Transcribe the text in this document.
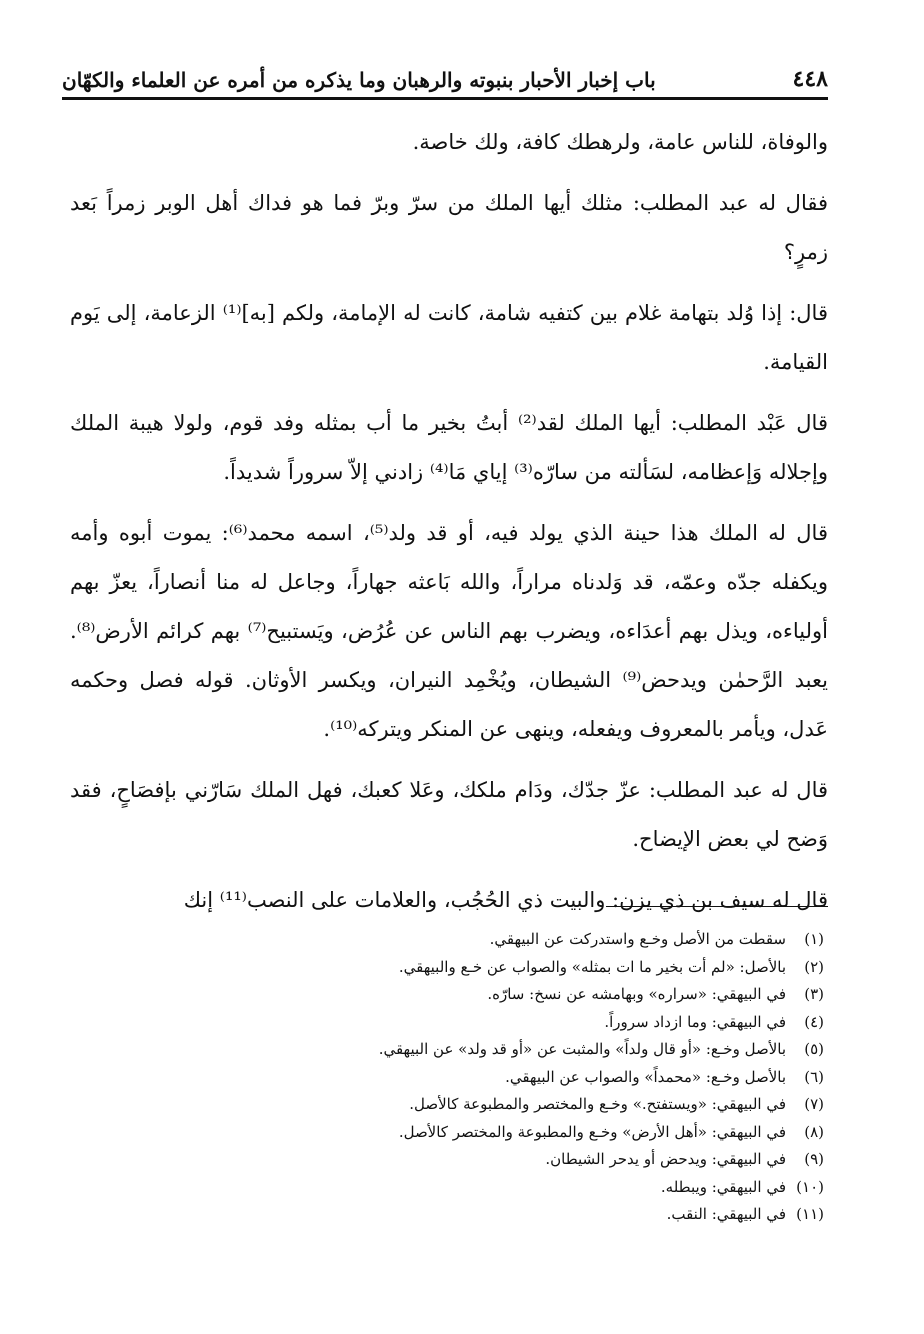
٤٤٨
باب إخبار الأحبار بنبوته والرهبان وما يذكره من أمره عن العلماء والكهّان

والوفاة، للناس عامة، ولرهطك كافة، ولك خاصة.

فقال له عبد المطلب: مثلك أيها الملك من سرّ وبرّ فما هو فداك أهل الوبر زمراً بَعد زمرٍ؟

قال: إذا وُلد بتهامة غلام بين كتفيه شامة، كانت له الإمامة، ولكم [به]⁽¹⁾ الزعامة، إلى يَوم القيامة.

قال عَبْد المطلب: أيها الملك لقد⁽²⁾ أبتُ بخير ما أب بمثله وفد قوم، ولولا هيبة الملك وإجلاله وَإعظامه، لسَألته من سارّه⁽³⁾ إياي مَا⁽⁴⁾ زادني إلاّ سروراً شديداً.

قال له الملك هذا حينة الذي يولد فيه، أو قد ولد⁽⁵⁾، اسمه محمد⁽⁶⁾: يموت أبوه وأمه ويكفله جدّه وعمّه، قد وَلدناه مراراً، والله بَاعثه جهاراً، وجاعل له منا أنصاراً، يعزّ بهم أولياءه، ويذل بهم أعدَاءه، ويضرب بهم الناس عن عُرُض، ويَستبيح⁽⁷⁾ بهم كرائم الأرض⁽⁸⁾. يعبد الرَّحمٰن ويدحض⁽⁹⁾ الشيطان، ويُخْمِد النيران، ويكسر الأوثان. قوله فصل وحكمه عَدل، ويأمر بالمعروف ويفعله، وينهى عن المنكر ويتركه⁽¹⁰⁾.

قال له عبد المطلب: عزّ جدّك، ودَام ملكك، وعَلا كعبك، فهل الملك سَارّني بإفصَاحٍ، فقد وَضح لي بعض الإيضاح.

قال له سيف بن ذي يزن: والبيت ذي الحُجُب، والعلامات على النصب⁽¹¹⁾ إنك

(١)
سقطت من الأصل وخـع واستدركت عن البيهقي.
(٢)
بالأصل: «لم أت بخير ما ات بمثله» والصواب عن خـع والبيهقي.
(٣)
في البيهقي: «سراره» وبهامشه عن نسخ: سارّه.
(٤)
في البيهقي: وما ازداد سروراً.
(٥)
بالأصل وخـع: «أو قال ولداً» والمثبت عن «أو قد ولد» عن البيهقي.
(٦)
بالأصل وخـع: «محمداً» والصواب عن البيهقي.
(٧)
في البيهقي: «ويستفتح.» وخـع والمختصر والمطبوعة كالأصل.
(٨)
في البيهقي: «أهل الأرض» وخـع والمطبوعة والمختصر كالأصل.
(٩)
في البيهقي: ويدحض أو يدحر الشيطان.
(١٠)
في البيهقي: ويبطله.
(١١)
في البيهقي: النقب.
